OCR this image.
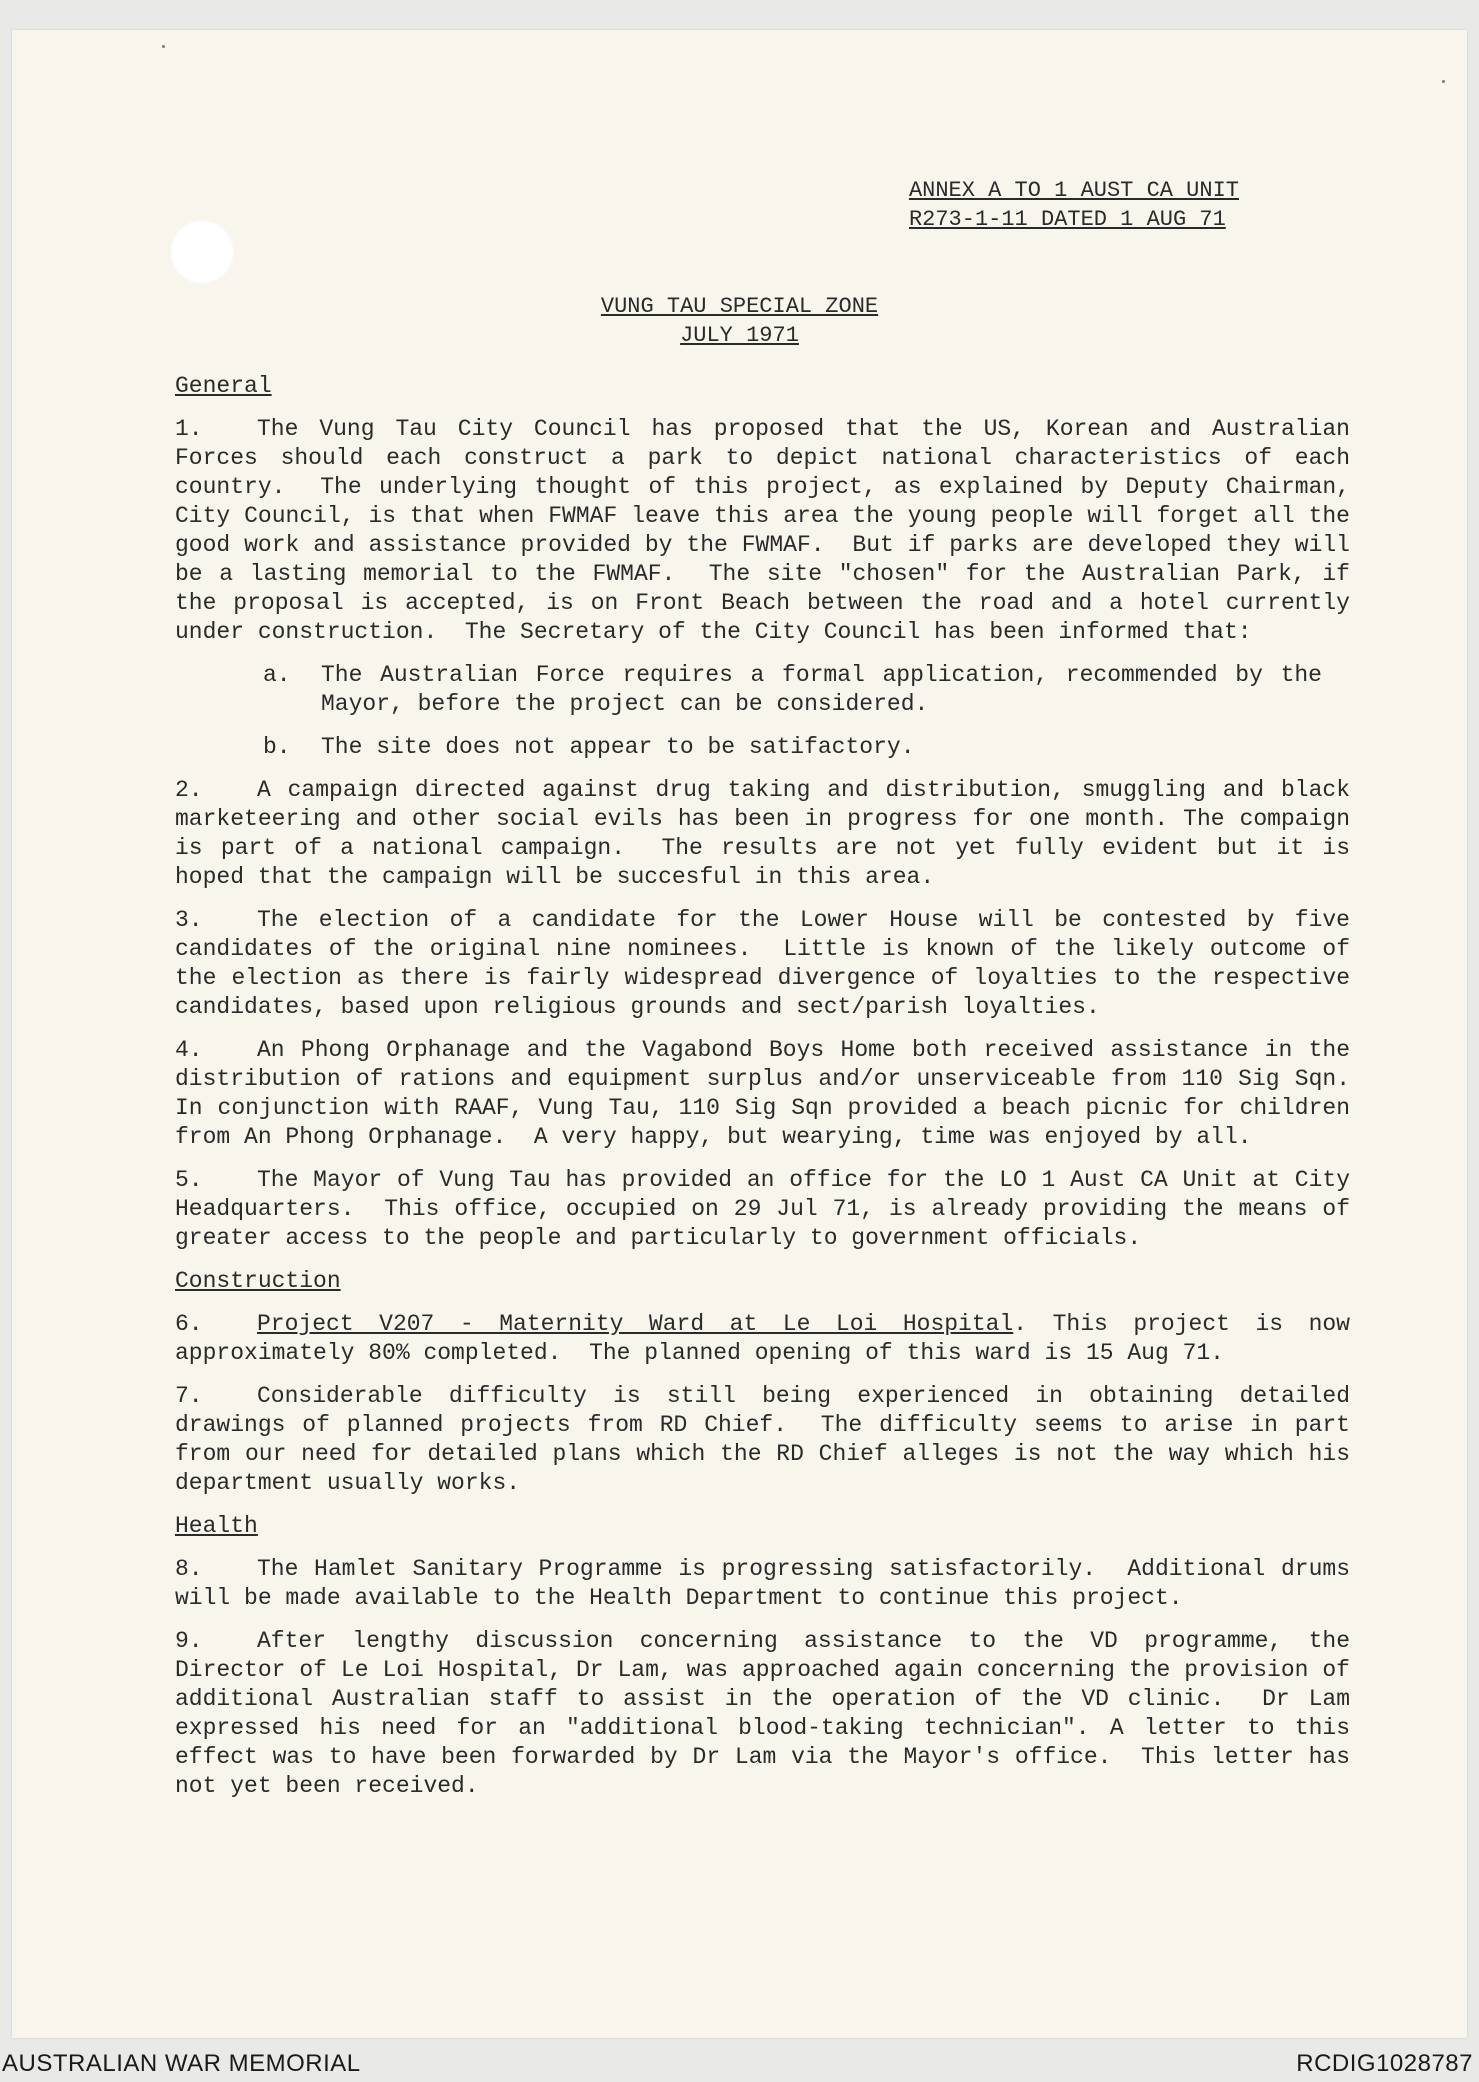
ANNEX A TO 1 AUST CA UNIT
R273-1-11 DATED 1 AUG 71
VUNG TAU SPECIAL ZONE
JULY 1971
General
1. The Vung Tau City Council has proposed that the US, Korean and Australian Forces should each construct a park to depict national characteristics of each country.  The underlying thought of this project, as explained by Deputy Chairman, City Council, is that when FWMAF leave this area the young people will forget all the good work and assistance provided by the FWMAF.  But if parks are developed they will be a lasting memorial to the FWMAF.  The site "chosen" for the Australian Park, if the proposal is accepted, is on Front Beach between the road and a hotel currently under construction.  The Secretary of the City Council has been informed that:
a.	The Australian Force requires a formal application, recommended by the Mayor, before the project can be considered.
b.	The site does not appear to be satifactory.
2. A campaign directed against drug taking and distribution, smuggling and black marketeering and other social evils has been in progress for one month. The compaign is part of a national campaign.  The results are not yet fully evident but it is hoped that the campaign will be succesful in this area.
3. The election of a candidate for the Lower House will be contested by five candidates of the original nine nominees.  Little is known of the likely outcome of the election as there is fairly widespread divergence of loyalties to the respective candidates, based upon religious grounds and sect/parish loyalties.
4. An Phong Orphanage and the Vagabond Boys Home both received assistance in the distribution of rations and equipment surplus and/or unserviceable from 110 Sig Sqn.  In conjunction with RAAF, Vung Tau, 110 Sig Sqn provided a beach picnic for children from An Phong Orphanage.  A very happy, but wearying, time was enjoyed by all.
5. The Mayor of Vung Tau has provided an office for the LO 1 Aust CA Unit at City Headquarters.  This office, occupied on 29 Jul 71, is already providing the means of greater access to the people and particularly to government officials.
Construction
6. Project V207 - Maternity Ward at Le Loi Hospital. This project is now approximately 80% completed.  The planned opening of this ward is 15 Aug 71.
7. Considerable difficulty is still being experienced in obtaining detailed drawings of planned projects from RD Chief.  The difficulty seems to arise in part from our need for detailed plans which the RD Chief alleges is not the way which his department usually works.
Health
8. The Hamlet Sanitary Programme is progressing satisfactorily.  Additional drums will be made available to the Health Department to continue this project.
9. After lengthy discussion concerning assistance to the VD programme, the Director of Le Loi Hospital, Dr Lam, was approached again concerning the provision of additional Australian staff to assist in the operation of the VD clinic.  Dr Lam expressed his need for an "additional blood-taking technician". A letter to this effect was to have been forwarded by Dr Lam via the Mayor's office.  This letter has not yet been received.
AUSTRALIAN WAR MEMORIAL	RCDIG1028787
